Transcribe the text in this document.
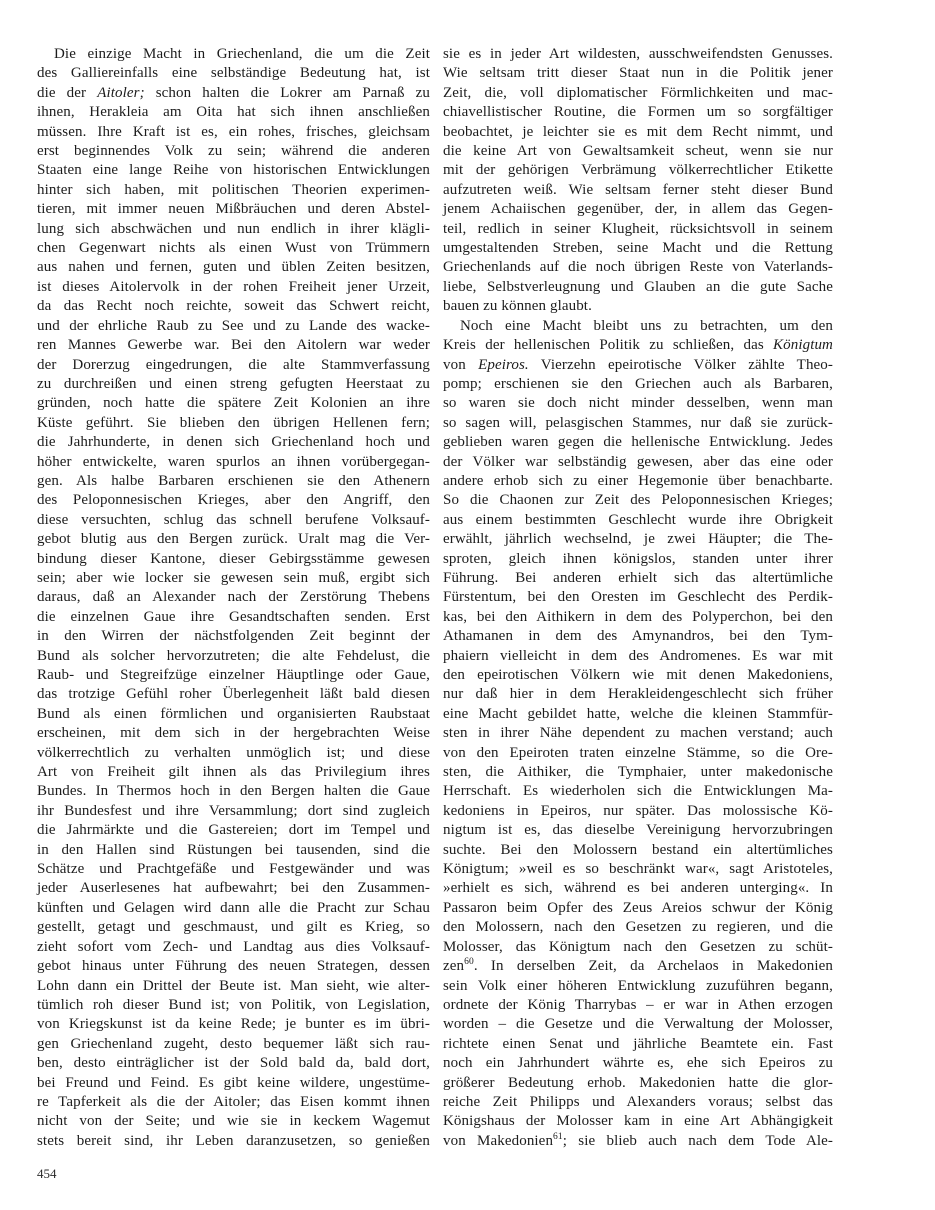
Die einzige Macht in Griechenland, die um die Zeit
des Galliereinfalls eine selbständige Bedeutung hat, ist
die der Aitoler; schon halten die Lokrer am Parnaß zu
ihnen, Herakleia am Oita hat sich ihnen anschließen
müssen. Ihre Kraft ist es, ein rohes, frisches, gleichsam
erst beginnendes Volk zu sein; während die anderen
Staaten eine lange Reihe von historischen Entwicklungen
hinter sich haben, mit politischen Theorien experimen-
tieren, mit immer neuen Mißbräuchen und deren Abstel-
lung sich abschwächen und nun endlich in ihrer klägli-
chen Gegenwart nichts als einen Wust von Trümmern
aus nahen und fernen, guten und üblen Zeiten besitzen,
ist dieses Aitolervolk in der rohen Freiheit jener Urzeit,
da das Recht noch reichte, soweit das Schwert reicht,
und der ehrliche Raub zu See und zu Lande des wacke-
ren Mannes Gewerbe war. Bei den Aitolern war weder
der Dorerzug eingedrungen, die alte Stammverfassung
zu durchreißen und einen streng gefugten Heerstaat zu
gründen, noch hatte die spätere Zeit Kolonien an ihre
Küste geführt. Sie blieben den übrigen Hellenen fern;
die Jahrhunderte, in denen sich Griechenland hoch und
höher entwickelte, waren spurlos an ihnen vorübergegan-
gen. Als halbe Barbaren erschienen sie den Athenern
des Peloponnesischen Krieges, aber den Angriff, den
diese versuchten, schlug das schnell berufene Volksauf-
gebot blutig aus den Bergen zurück. Uralt mag die Ver-
bindung dieser Kantone, dieser Gebirgsstämme gewesen
sein; aber wie locker sie gewesen sein muß, ergibt sich
daraus, daß an Alexander nach der Zerstörung Thebens
die einzelnen Gaue ihre Gesandtschaften senden. Erst
in den Wirren der nächstfolgenden Zeit beginnt der
Bund als solcher hervorzutreten; die alte Fehdelust, die
Raub- und Stegreifzüge einzelner Häuptlinge oder Gaue,
das trotzige Gefühl roher Überlegenheit läßt bald diesen
Bund als einen förmlichen und organisierten Raubstaat
erscheinen, mit dem sich in der hergebrachten Weise
völkerrechtlich zu verhalten unmöglich ist; und diese
Art von Freiheit gilt ihnen als das Privilegium ihres
Bundes. In Thermos hoch in den Bergen halten die Gaue
ihr Bundesfest und ihre Versammlung; dort sind zugleich
die Jahrmärkte und die Gastereien; dort im Tempel und
in den Hallen sind Rüstungen bei tausenden, sind die
Schätze und Prachtgefäße und Festgewänder und was
jeder Auserlesenes hat aufbewahrt; bei den Zusammen-
künften und Gelagen wird dann alle die Pracht zur Schau
gestellt, getagt und geschmaust, und gilt es Krieg, so
zieht sofort vom Zech- und Landtag aus dies Volksauf-
gebot hinaus unter Führung des neuen Strategen, dessen
Lohn dann ein Drittel der Beute ist. Man sieht, wie alter-
tümlich roh dieser Bund ist; von Politik, von Legislation,
von Kriegskunst ist da keine Rede; je bunter es im übri-
gen Griechenland zugeht, desto bequemer läßt sich rau-
ben, desto einträglicher ist der Sold bald da, bald dort,
bei Freund und Feind. Es gibt keine wildere, ungestüme-
re Tapferkeit als die der Aitoler; das Eisen kommt ihnen
nicht von der Seite; und wie sie in keckem Wagemut
stets bereit sind, ihr Leben daranzusetzen, so genießen
sie es in jeder Art wildesten, ausschweifendsten Genusses.
Wie seltsam tritt dieser Staat nun in die Politik jener
Zeit, die, voll diplomatischer Förmlichkeiten und mac-
chiavellistischer Routine, die Formen um so sorgfältiger
beobachtet, je leichter sie es mit dem Recht nimmt, und
die keine Art von Gewaltsamkeit scheut, wenn sie nur
mit der gehörigen Verbrämung völkerrechtlicher Etikette
aufzutreten weiß. Wie seltsam ferner steht dieser Bund
jenem Achaiischen gegenüber, der, in allem das Gegen-
teil, redlich in seiner Klugheit, rücksichtsvoll in seinem
umgestaltenden Streben, seine Macht und die Rettung
Griechenlands auf die noch übrigen Reste von Vaterlands-
liebe, Selbstverleugnung und Glauben an die gute Sache
bauen zu können glaubt.
Noch eine Macht bleibt uns zu betrachten, um den
Kreis der hellenischen Politik zu schließen, das Königtum
von Epeiros. Vierzehn epeirotische Völker zählte Theo-
pomp; erschienen sie den Griechen auch als Barbaren,
so waren sie doch nicht minder desselben, wenn man
so sagen will, pelasgischen Stammes, nur daß sie zurück-
geblieben waren gegen die hellenische Entwicklung. Jedes
der Völker war selbständig gewesen, aber das eine oder
andere erhob sich zu einer Hegemonie über benachbarte.
So die Chaonen zur Zeit des Peloponnesischen Krieges;
aus einem bestimmten Geschlecht wurde ihre Obrigkeit
erwählt, jährlich wechselnd, je zwei Häupter; die The-
sproten, gleich ihnen königslos, standen unter ihrer
Führung. Bei anderen erhielt sich das altertümliche
Fürstentum, bei den Oresten im Geschlecht des Perdik-
kas, bei den Aithikern in dem des Polyperchon, bei den
Athamanen in dem des Amynandros, bei den Tym-
phaiern vielleicht in dem des Andromenes. Es war mit
den epeirotischen Völkern wie mit denen Makedoniens,
nur daß hier in dem Herakleidengeschlecht sich früher
eine Macht gebildet hatte, welche die kleinen Stammfür-
sten in ihrer Nähe dependent zu machen verstand; auch
von den Epeiroten traten einzelne Stämme, so die Ore-
sten, die Aithiker, die Tymphaier, unter makedonische
Herrschaft. Es wiederholen sich die Entwicklungen Ma-
kedoniens in Epeiros, nur später. Das molossische Kö-
nigtum ist es, das dieselbe Vereinigung hervorzubringen
suchte. Bei den Molossern bestand ein altertümliches
Königtum; »weil es so beschränkt war«, sagt Aristoteles,
»erhielt es sich, während es bei anderen unterging«. In
Passaron beim Opfer des Zeus Areios schwur der König
den Molossern, nach den Gesetzen zu regieren, und die
Molosser, das Königtum nach den Gesetzen zu schüt-
zen$^{60}$. In derselben Zeit, da Archelaos in Makedonien
sein Volk einer höheren Entwicklung zuzuführen begann,
ordnete der König Tharrybas – er war in Athen erzogen
worden – die Gesetze und die Verwaltung der Molosser,
richtete einen Senat und jährliche Beamtete ein. Fast
noch ein Jahrhundert währte es, ehe sich Epeiros zu
größerer Bedeutung erhob. Makedonien hatte die glor-
reiche Zeit Philipps und Alexanders voraus; selbst das
Königshaus der Molosser kam in eine Art Abhängigkeit
von Makedonien$^{61}$; sie blieb auch nach dem Tode Ale-
454
